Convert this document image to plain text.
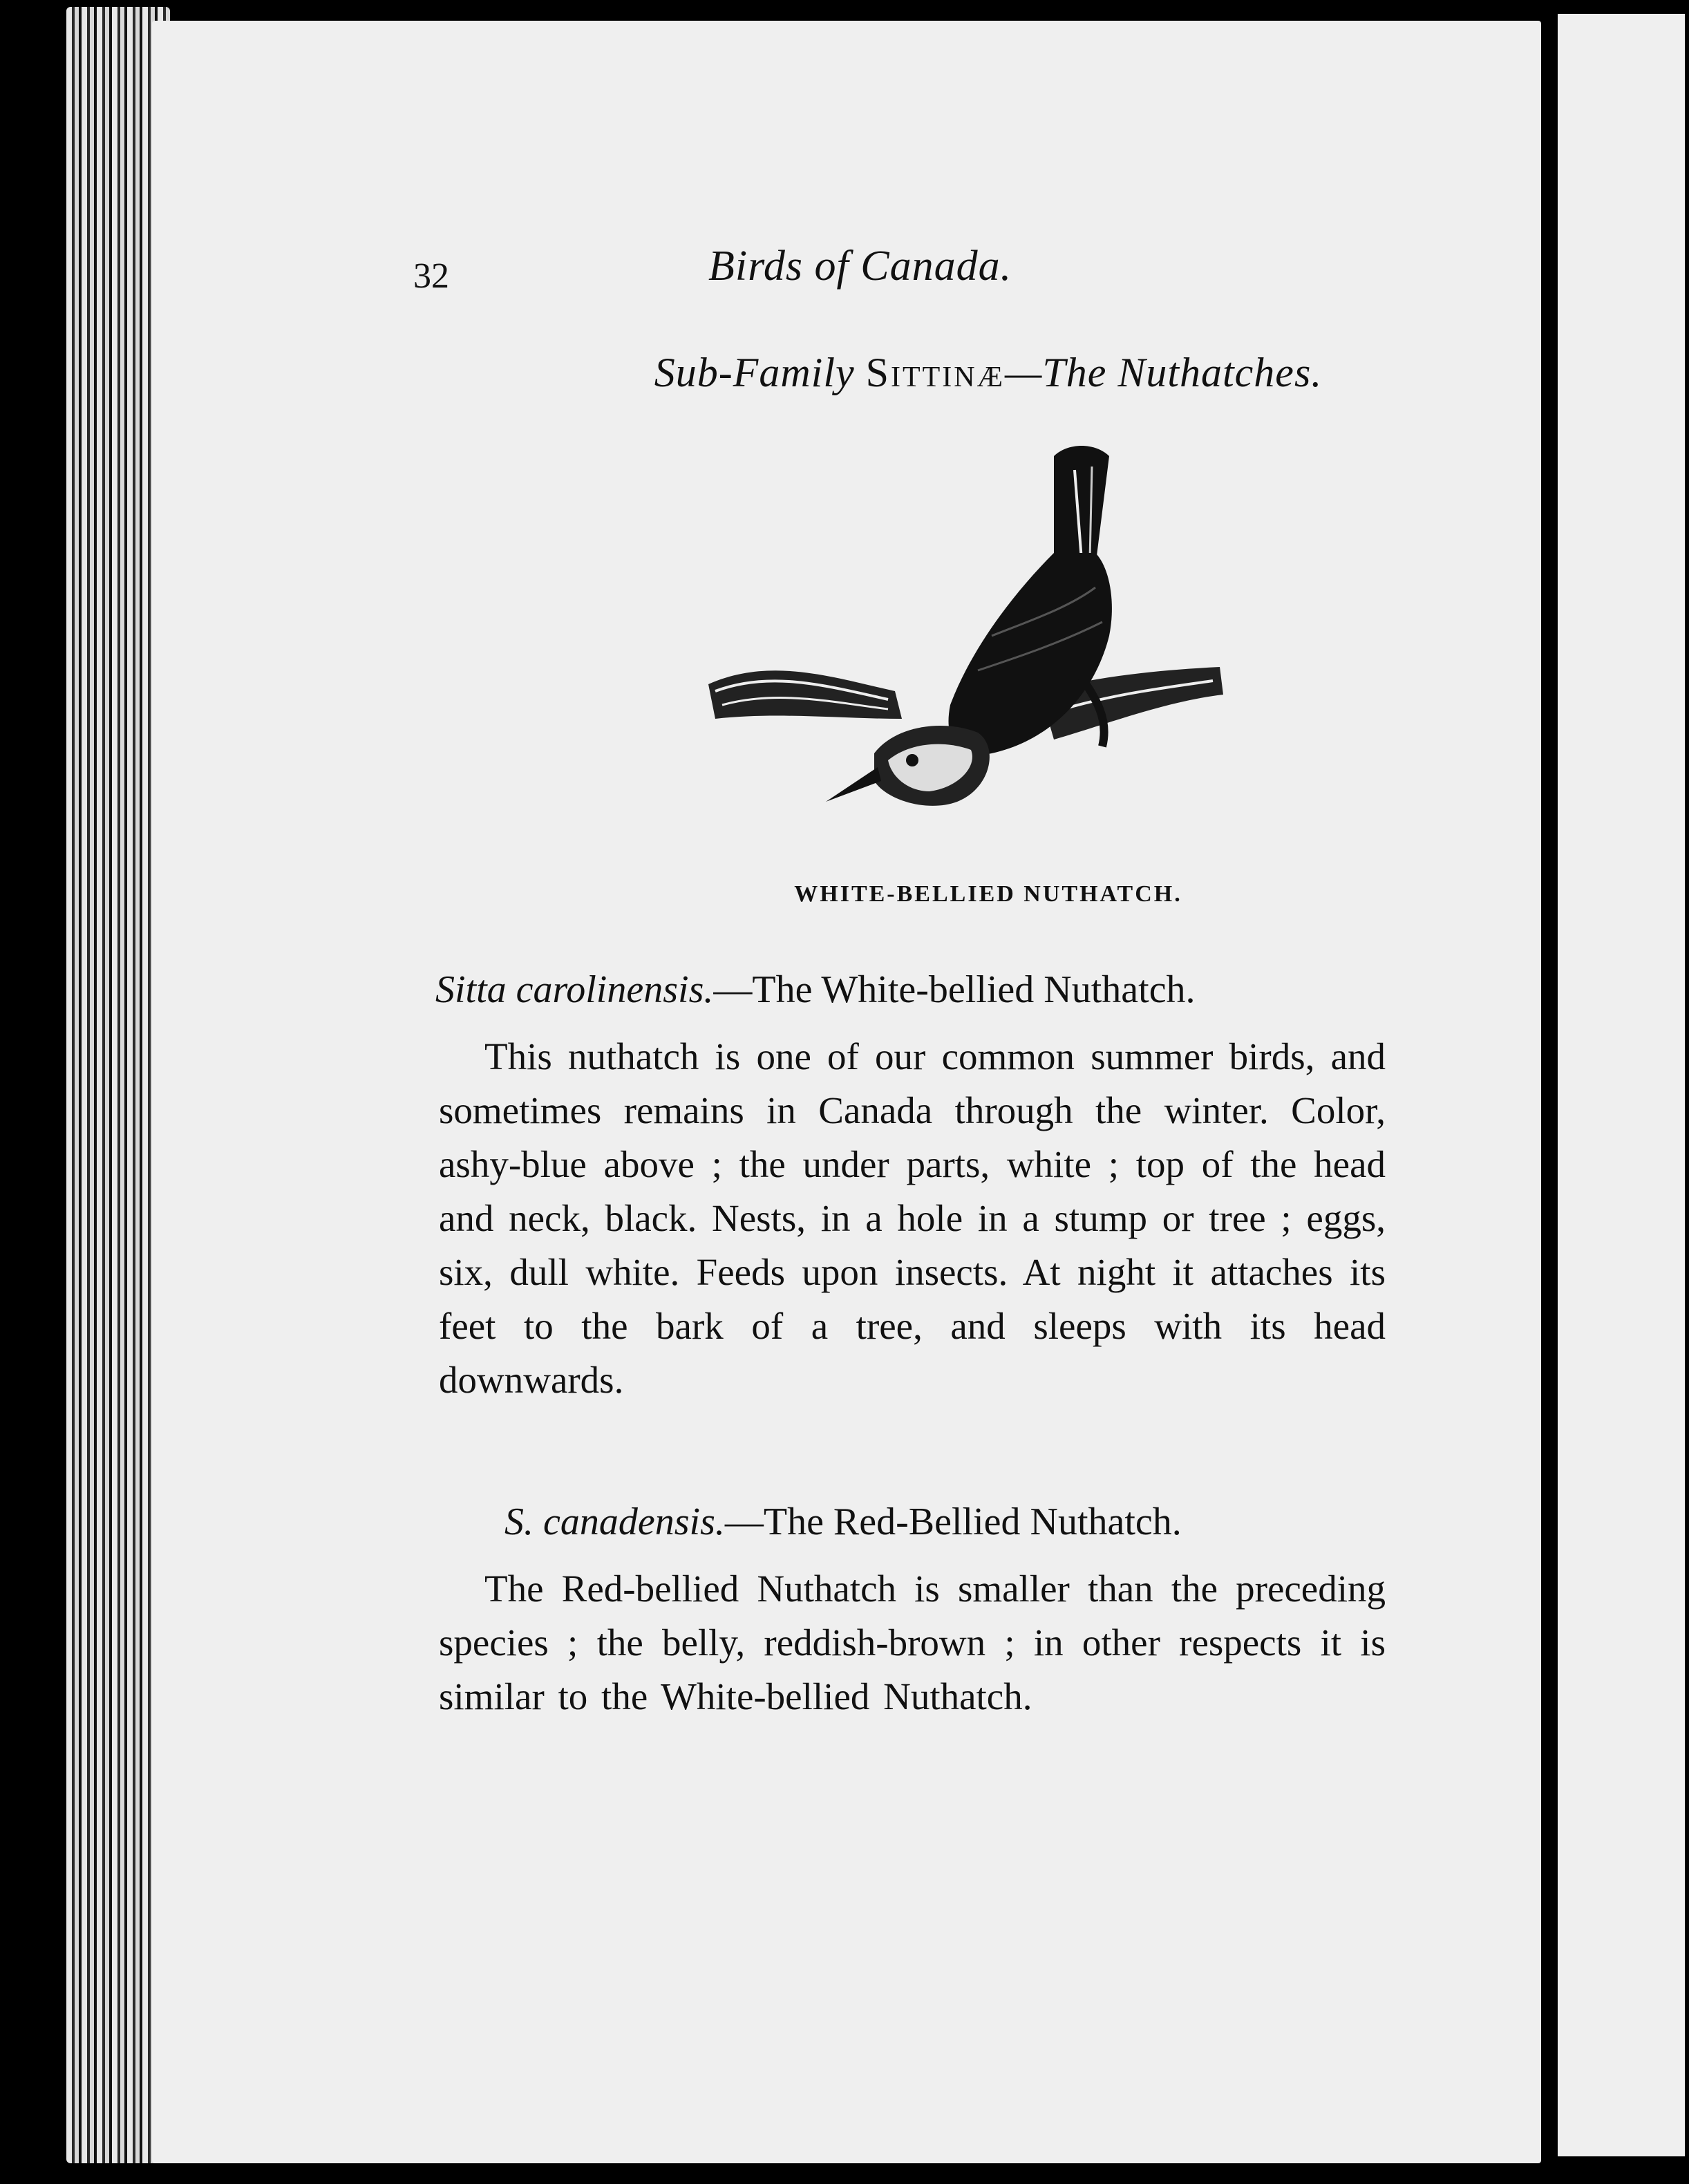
32	Birds of Canada.
Sub-Family Sittinæ—The Nuthatches.
WHITE-BELLIED NUTHATCH.
Sitta carolinensis.—The White-bellied Nuthatch.

This nuthatch is one of our common summer birds, and sometimes remains in Canada through the winter. Color, ashy-blue above ; the under parts, white ; top of the head and neck, black. Nests, in a hole in a stump or tree ; eggs, six, dull white. Feeds upon insects. At night it attaches its feet to the bark of a tree, and sleeps with its head downwards.

S. canadensis.—The Red-Bellied Nuthatch.

The Red-bellied Nuthatch is smaller than the preceding species ; the belly, reddish-brown ; in other respects it is similar to the White-bellied Nuthatch.
